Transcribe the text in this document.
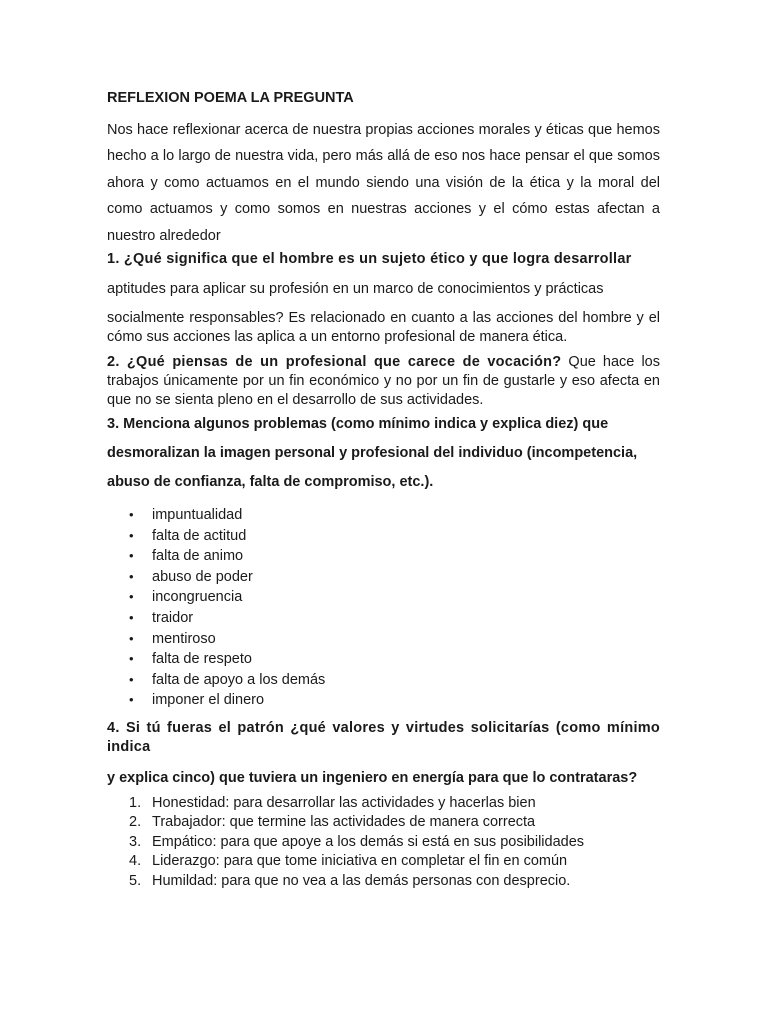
REFLEXION POEMA LA PREGUNTA

Nos hace reflexionar acerca de nuestra propias acciones morales y éticas que hemos hecho a lo largo de nuestra vida, pero más allá de eso nos hace pensar el que somos ahora y como actuamos en el mundo siendo una visión de la ética y la moral del como actuamos y como somos en nuestras acciones y el cómo estas afectan a nuestro alrededor

1. ¿Qué significa que el hombre es un sujeto ético y que logra desarrollar

aptitudes para aplicar su profesión en un marco de conocimientos y prácticas

socialmente responsables? Es relacionado en cuanto a las acciones del hombre y el cómo sus acciones las aplica a un entorno profesional de manera ética.

2. ¿Qué piensas de un profesional que carece de vocación? Que hace los trabajos únicamente por un fin económico y no por un fin de gustarle y eso afecta en que no se sienta pleno en el desarrollo de sus actividades.

3. Menciona algunos problemas (como mínimo indica y explica diez) que

desmoralizan la imagen personal y profesional del individuo (incompetencia,

abuso de confianza, falta de compromiso, etc.).

• impuntualidad
• falta de actitud
• falta de animo
• abuso de poder
• incongruencia
• traidor
• mentiroso
• falta de respeto
• falta de apoyo a los demás
• imponer el dinero

4. Si tú fueras el patrón ¿qué valores y virtudes solicitarías (como mínimo indica

y explica cinco) que tuviera un ingeniero en energía para que lo contrataras?

1. Honestidad: para desarrollar las actividades y hacerlas bien
2. Trabajador: que termine las actividades de manera correcta
3. Empático: para que apoye a los demás si está en sus posibilidades
4. Liderazgo: para que tome iniciativa en completar el fin en común
5. Humildad: para que no vea a las demás personas con desprecio.
